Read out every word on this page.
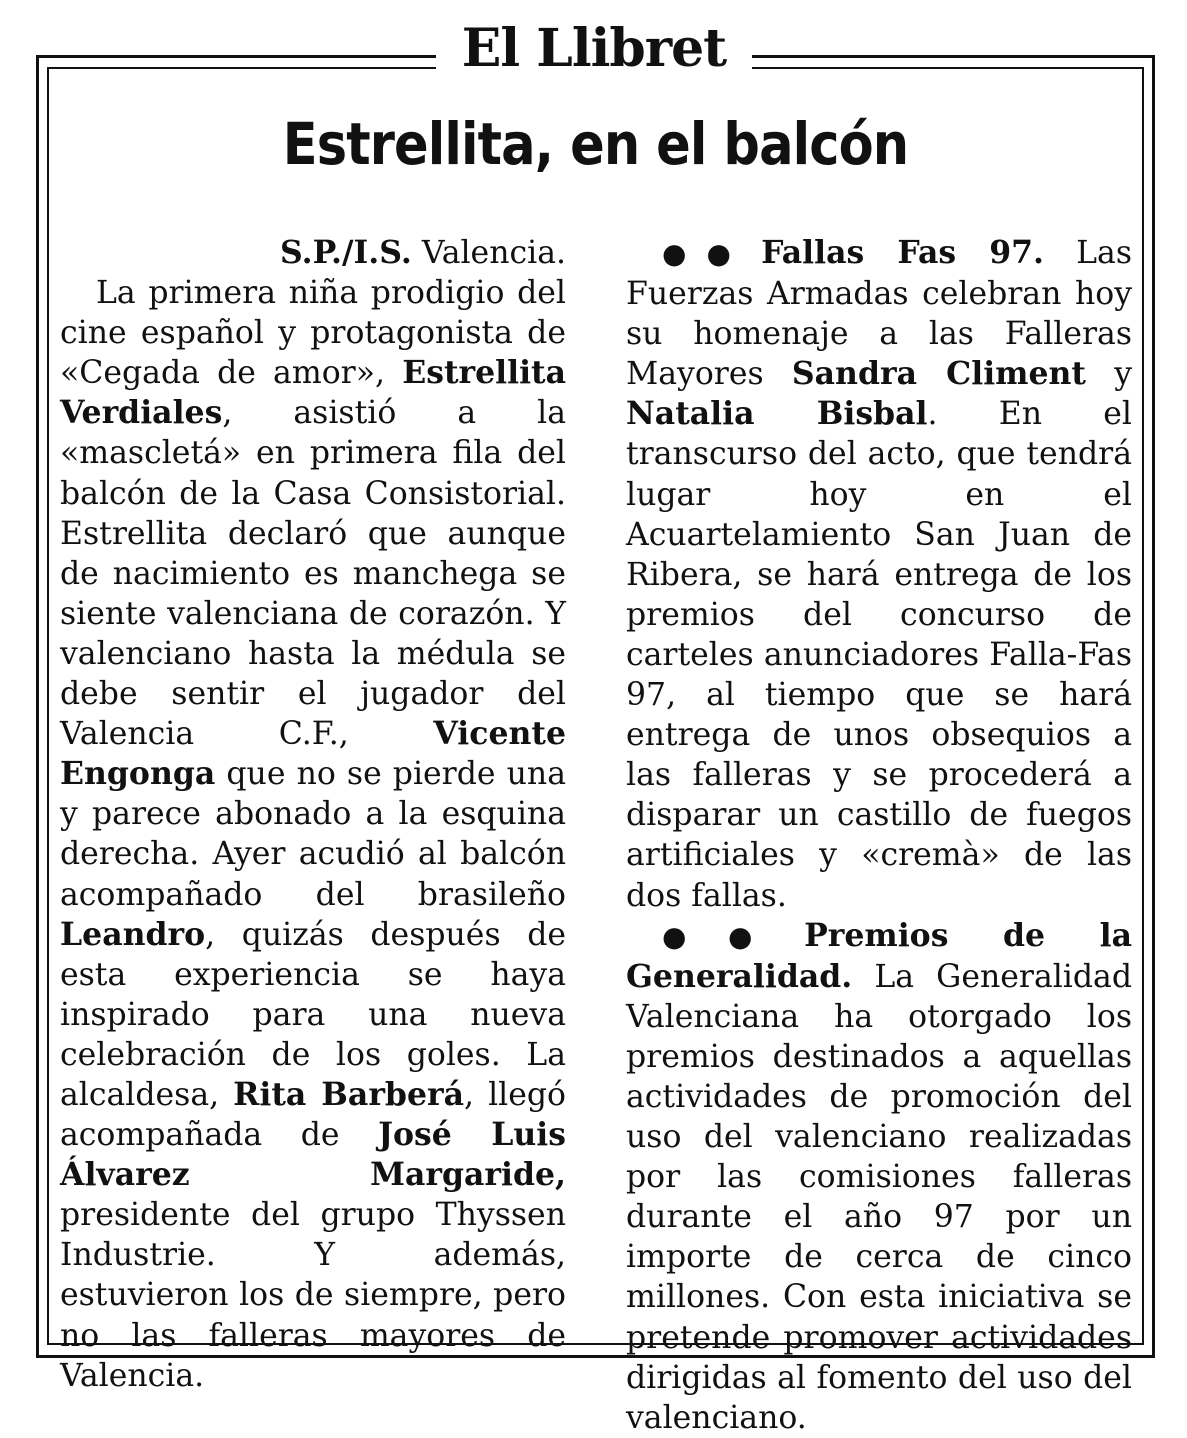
El Llibret
Estrellita, en el balcón

S.P./I.S. Valencia.

La primera niña prodigio del cine español y protagonista de «Cegada de amor», Estrellita Verdiales, asistió a la «mascletá» en primera fila del balcón de la Casa Consistorial. Estrellita declaró que aunque de nacimiento es manchega se siente valenciana de corazón. Y valenciano hasta la médula se debe sentir el jugador del Valencia C.F., Vicente Engonga que no se pierde una y parece abonado a la esquina derecha. Ayer acudió al balcón acompañado del brasileño Leandro, quizás después de esta experiencia se haya inspirado para una nueva celebración de los goles. La alcaldesa, Rita Barberá, llegó acompañada de José Luis Álvarez Margaride, presidente del grupo Thyssen Industrie. Y además, estuvieron los de siempre, pero no las falleras mayores de Valencia.

●● Fallas Fas 97. Las Fuerzas Armadas celebran hoy su homenaje a las Falleras Mayores Sandra Climent y Natalia Bisbal. En el transcurso del acto, que tendrá lugar hoy en el Acuartelamiento San Juan de Ribera, se hará entrega de los premios del concurso de carteles anunciadores Falla-Fas 97, al tiempo que se hará entrega de unos obsequios a las falleras y se procederá a disparar un castillo de fuegos artificiales y «cremà» de las dos fallas.

●● Premios de la Generalidad. La Generalidad Valenciana ha otorgado los premios destinados a aquellas actividades de promoción del uso del valenciano realizadas por las comisiones falleras durante el año 97 por un importe de cerca de cinco millones. Con esta iniciativa se pretende promover actividades dirigidas al fomento del uso del valenciano.
